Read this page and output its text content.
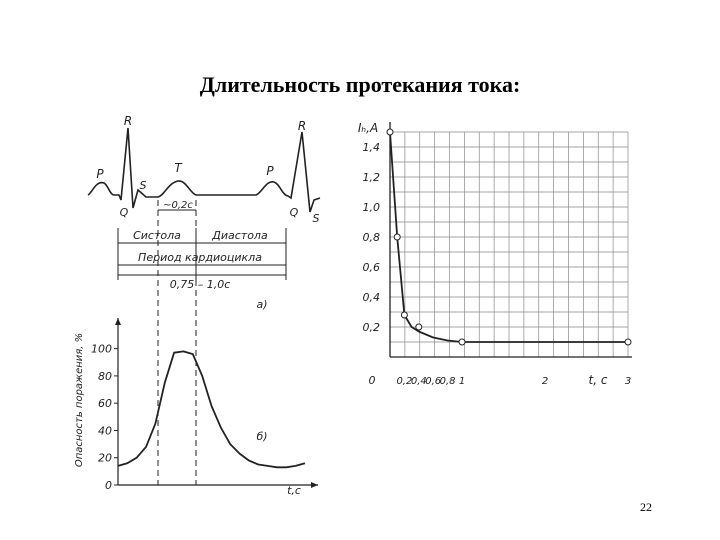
Длительность протекания тока:
R	R
P	P
T
Q
S
Q S
~0,2с
Систола	Диастола
Период кардиоцикла
0,75 – 1,0с
а)
0
20
40
60
80
100
Опасность поражения, %
t,с
б)
0,2
0,4
0,6
0,8
1,0
1,2
1,4
0 0,2
0,4
0,6
0,8 1	2	3
Iₕ,А
t, с
22
